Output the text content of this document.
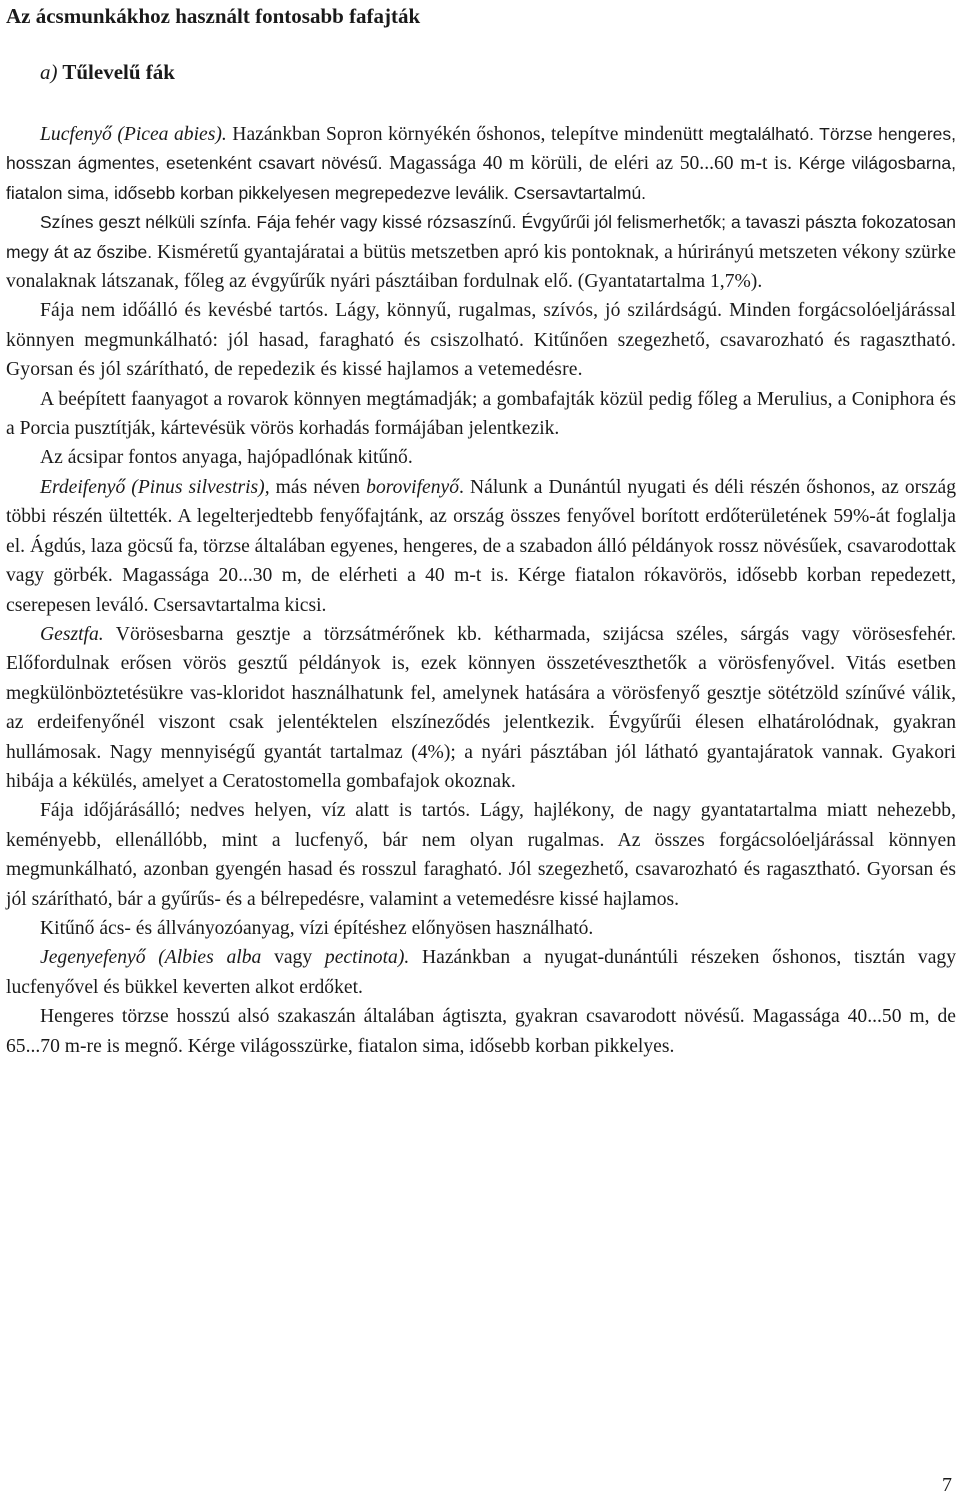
Az ácsmunkákhoz használt fontosabb fafajták
a) Tűlevelű fák

Lucfenyő (Picea abies). Hazánkban Sopron környékén őshonos, telepítve mindenütt megtalálható. Törzse hengeres, hosszan ágmentes, esetenként csavart növésű. Magassága 40 m körüli, de eléri az 50...60 m-t is. Kérge világosbarna, fiatalon sima, idősebb korban pikkelyesen megrepedezve leválik. Csersavtartalmú.

Színes geszt nélküli színfa. Fája fehér vagy kissé rózsaszínű. Évgyűrűi jól felismerhetők; a tavaszi pászta fokozatosan megy át az őszibe. Kisméretű gyantajáratai a bütüs metszetben apró kis pontoknak, a húrirányú metszeten vékony szürke vonalaknak látszanak, főleg az évgyűrűk nyári pásztáiban fordulnak elő. (Gyantatartalma 1,7%).

Fája nem időálló és kevésbé tartós. Lágy, könnyű, rugalmas, szívós, jó szilárdságú. Minden forgácsolóeljárással könnyen megmunkálható: jól hasad, faragható és csiszolható. Kitűnően szegezhető, csavarozható és ragasztható. Gyorsan és jól szárítható, de repedezik és kissé hajlamos a vetemedésre.

A beépített faanyagot a rovarok könnyen megtámadják; a gombafajták közül pedig főleg a Merulius, a Coniphora és a Porcia pusztítják, kártevésük vörös korhadás formájában jelentkezik.

Az ácsipar fontos anyaga, hajópadlónak kitűnő.

Erdeifenyő (Pinus silvestris), más néven borovifenyő. Nálunk a Dunántúl nyugati és déli részén őshonos, az ország többi részén ültették. A legelterjedtebb fenyőfajtánk, az ország összes fenyővel borított erdőterületének 59%-át foglalja el. Ágdús, laza göcsű fa, törzse általában egyenes, hengeres, de a szabadon álló példányok rossz növésűek, csavarodottak vagy görbék. Magassága 20...30 m, de elérheti a 40 m-t is. Kérge fiatalon rókavörös, idősebb korban repedezett, cserepesen leváló. Csersavtartalma kicsi.

Gesztfa. Vörösesbarna gesztje a törzsátmérőnek kb. kétharmada, szijácsa széles, sárgás vagy vörösesfehér. Előfordulnak erősen vörös gesztű példányok is, ezek könnyen összetéveszthetők a vörösfenyővel. Vitás esetben megkülönböztetésükre vas-kloridot használhatunk fel, amelynek hatására a vörösfenyő gesztje sötétzöld színűvé válik, az erdeifenyőnél viszont csak jelentéktelen elszíneződés jelentkezik. Évgyűrűi élesen elhatárolódnak, gyakran hullámosak. Nagy mennyiségű gyantát tartalmaz (4%); a nyári pásztában jól látható gyantajáratok vannak. Gyakori hibája a kékülés, amelyet a Ceratostomella gombafajok okoznak.

Fája időjárásálló; nedves helyen, víz alatt is tartós. Lágy, hajlékony, de nagy gyantatartalma miatt nehezebb, keményebb, ellenállóbb, mint a lucfenyő, bár nem olyan rugalmas. Az összes forgácsolóeljárással könnyen megmunkálható, azonban gyengén hasad és rosszul faragható. Jól szegezhető, csavarozható és ragasztható. Gyorsan és jól szárítható, bár a gyűrűs- és a bélrepedésre, valamint a vetemedésre kissé hajlamos.

Kitűnő ács- és állványozóanyag, vízi építéshez előnyösen használható.

Jegenyefenyő (Albies alba vagy pectinota). Hazánkban a nyugat-dunántúli részeken őshonos, tisztán vagy lucfenyővel és bükkel keverten alkot erdőket.

Hengeres törzse hosszú alsó szakaszán általában ágtiszta, gyakran csavarodott növésű. Magassága 40...50 m, de 65...70 m-re is megnő. Kérge világosszürke, fiatalon sima, idősebb korban pikkelyes.

7
